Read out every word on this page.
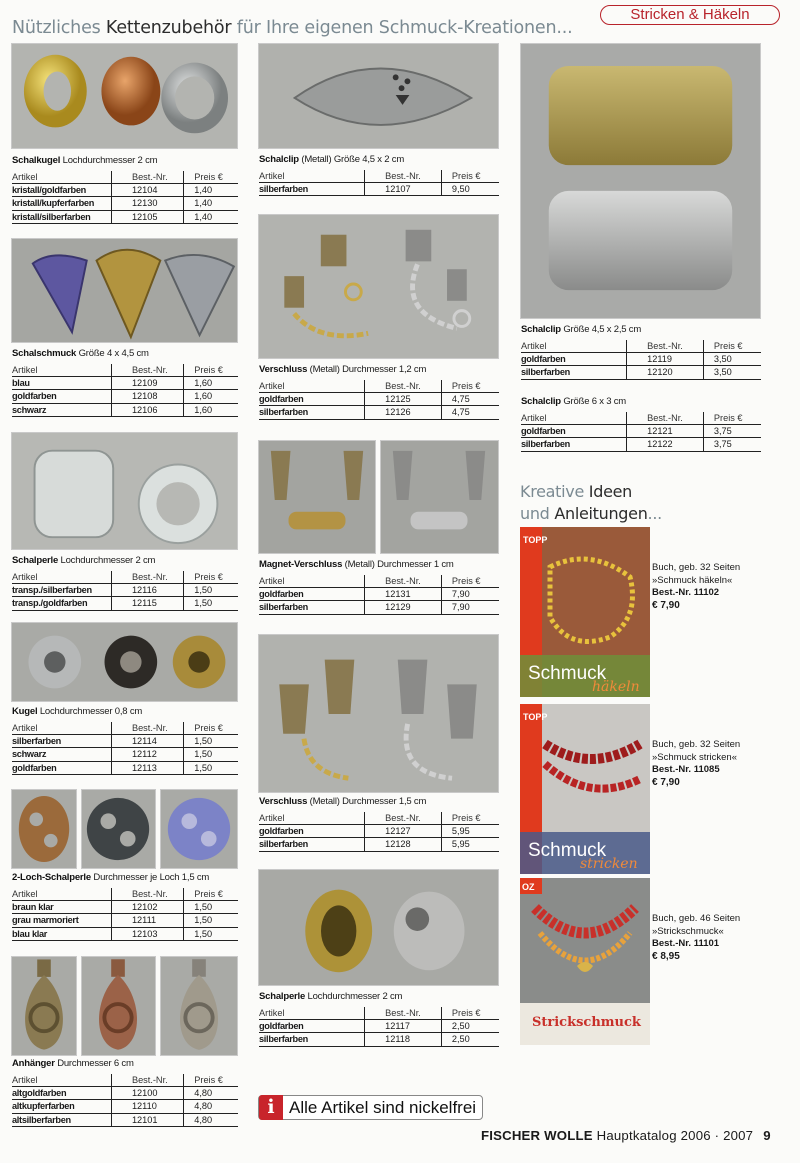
Nützliches Kettenzubehör für Ihre eigenen Schmuck-Kreationen...
Stricken & Häkeln
Schalkugel Lochdurchmesser 2 cm
Artikel	Best.-Nr.	Preis €
kristall/goldfarben	12104	1,40
kristall/kupferfarben	12130	1,40
kristall/silberfarben	12105	1,40
Schalschmuck Größe 4 x 4,5 cm
Artikel	Best.-Nr.	Preis €
blau	12109	1,60
goldfarben	12108	1,60
schwarz	12106	1,60
Schalperle Lochdurchmesser 2 cm
Artikel	Best.-Nr.	Preis €
transp./silberfarben	12116	1,50
transp./goldfarben	12115	1,50
Kugel Lochdurchmesser 0,8 cm
Artikel	Best.-Nr.	Preis €
silberfarben	12114	1,50
schwarz	12112	1,50
goldfarben	12113	1,50
2-Loch-Schalperle Durchmesser je Loch 1,5 cm
Artikel	Best.-Nr.	Preis €
braun klar	12102	1,50
grau marmoriert	12111	1,50
blau klar	12103	1,50
Anhänger Durchmesser 6 cm
Artikel	Best.-Nr.	Preis €
altgoldfarben	12100	4,80
altkupferfarben	12110	4,80
altsilberfarben	12101	4,80
Schalclip (Metall) Größe 4,5 x 2 cm
Artikel	Best.-Nr.	Preis €
silberfarben	12107	9,50
Verschluss (Metall) Durchmesser 1,2 cm
Artikel	Best.-Nr.	Preis €
goldfarben	12125	4,75
silberfarben	12126	4,75
Magnet-Verschluss (Metall) Durchmesser 1 cm
Artikel	Best.-Nr.	Preis €
goldfarben	12131	7,90
silberfarben	12129	7,90
Verschluss (Metall) Durchmesser 1,5 cm
Artikel	Best.-Nr.	Preis €
goldfarben	12127	5,95
silberfarben	12128	5,95
Schalperle Lochdurchmesser 2 cm
Artikel	Best.-Nr.	Preis €
goldfarben	12117	2,50
silberfarben	12118	2,50
Schalclip Größe 4,5 x 2,5 cm
Artikel	Best.-Nr.	Preis €
goldfarben	12119	3,50
silberfarben	12120	3,50
Schalclip Größe 6 x 3 cm
Artikel	Best.-Nr.	Preis €
goldfarben	12121	3,75
silberfarben	12122	3,75
Kreative Ideen
und Anleitungen...
TOPP
Schmuck
häkeln
Buch, geb. 32 Seiten
»Schmuck häkeln«
Best.-Nr. 11102
€ 7,90
TOPP
Schmuck
stricken
Buch, geb. 32 Seiten
»Schmuck stricken«
Best.-Nr. 11085
€ 7,90
OZ
Strickschmuck
Buch, geb. 46 Seiten
»Strickschmuck«
Best.-Nr. 11101
€ 8,95
i Alle Artikel sind nickelfrei
FISCHER WOLLE Hauptkatalog 2006 · 2007 9
